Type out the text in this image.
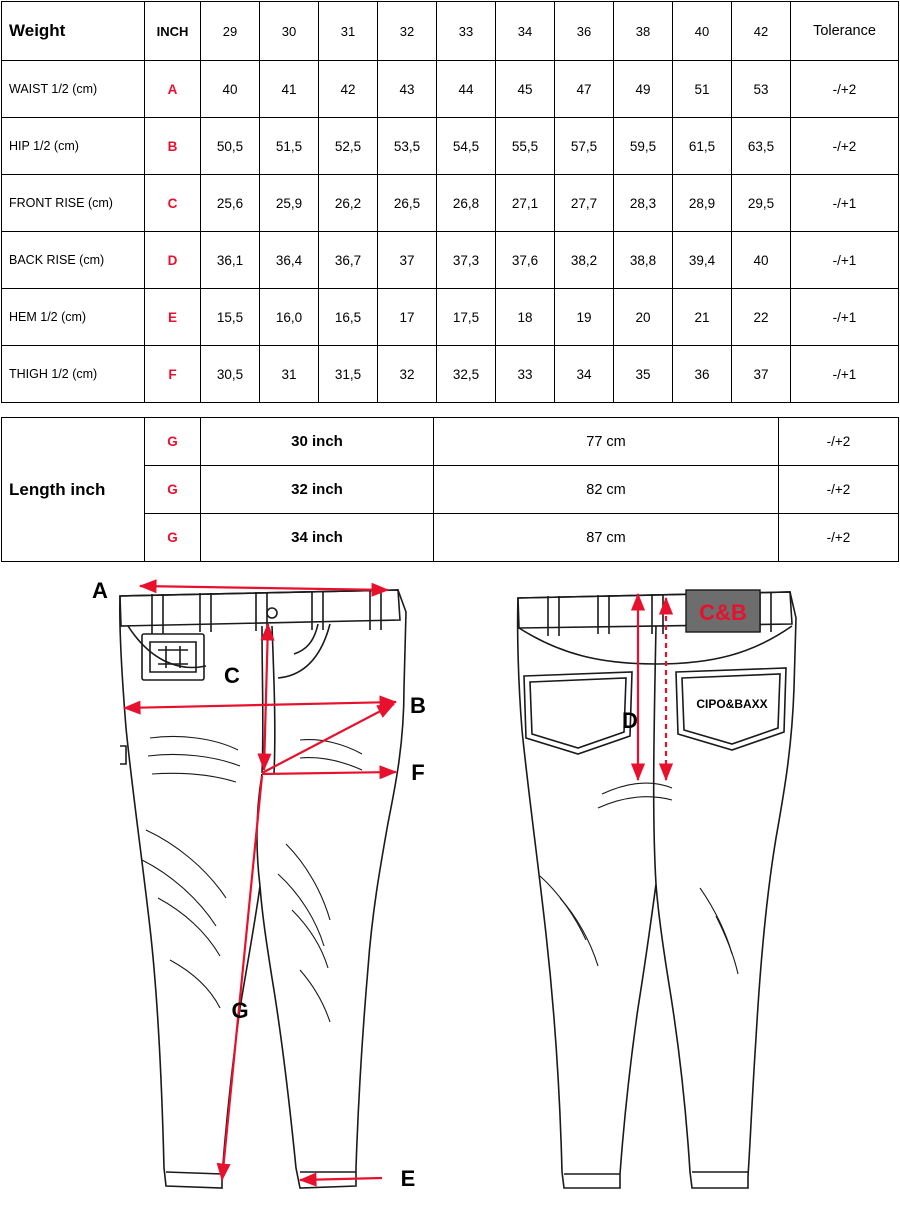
Weight	INCH	29	30	31	32	33	34	36	38	40	42	Tolerance
WAIST 1/2 (cm)	A	40	41	42	43	44	45	47	49	51	53	-/+2
HIP 1/2 (cm)	B	50,5	51,5	52,5	53,5	54,5	55,5	57,5	59,5	61,5	63,5	-/+2
FRONT RISE (cm)	C	25,6	25,9	26,2	26,5	26,8	27,1	27,7	28,3	28,9	29,5	-/+1
BACK RISE (cm)	D	36,1	36,4	36,7	37	37,3	37,6	38,2	38,8	39,4	40	-/+1
HEM 1/2 (cm)	E	15,5	16,0	16,5	17	17,5	18	19	20	21	22	-/+1
THIGH 1/2 (cm)	F	30,5	31	31,5	32	32,5	33	34	35	36	37	-/+1
Length inch	G	30 inch	77 cm	-/+2
	G	32 inch	82 cm	-/+2
	G	34 inch	87 cm	-/+2
A
C
B
F
G
E
C&B
CIPO&BAXX
D
